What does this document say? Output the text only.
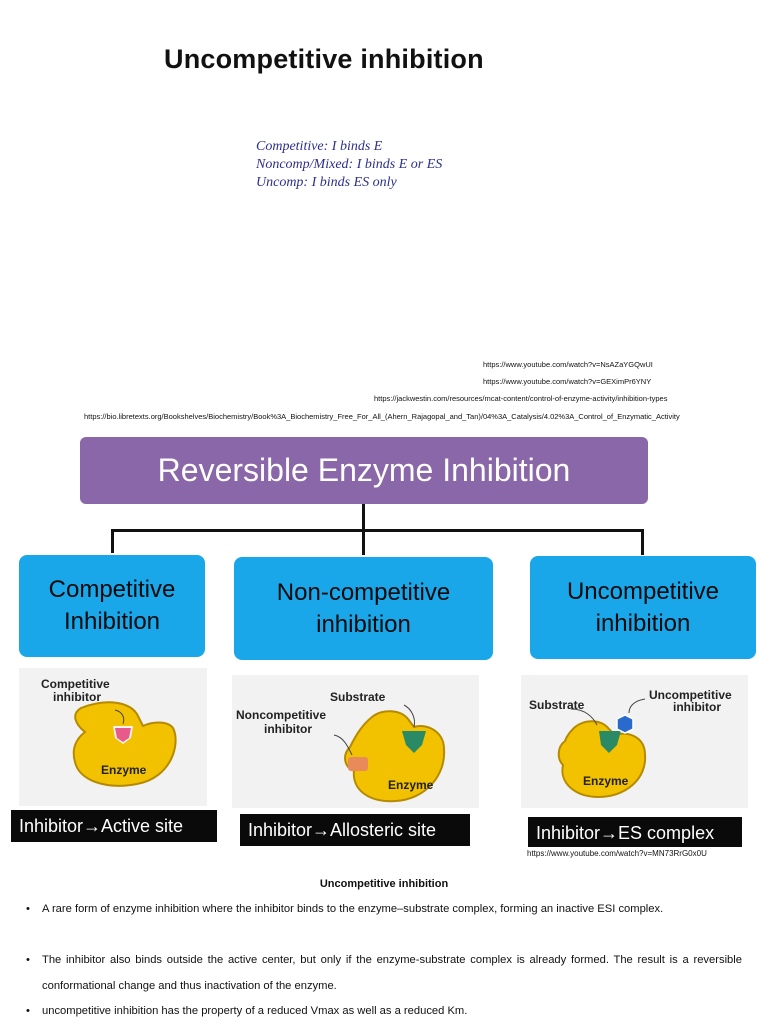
Uncompetitive inhibition
Competitive: I binds E
Noncomp/Mixed: I binds E or ES
Uncomp: I binds ES only
https://www.youtube.com/watch?v=NsAZaYGQwUI
https://www.youtube.com/watch?v=GEXimPr6YNY
https://jackwestin.com/resources/mcat-content/control-of-enzyme-activity/inhibition-types
https://bio.libretexts.org/Bookshelves/Biochemistry/Book%3A_Biochemistry_Free_For_All_(Ahern_Rajagopal_and_Tan)/04%3A_Catalysis/4.02%3A_Control_of_Enzymatic_Activity
Reversible Enzyme Inhibition
Competitive
Inhibition
Non-competitive
inhibition
Uncompetitive
inhibition
Competitive
inhibitor
Enzyme
Substrate
Noncompetitive
inhibitor
Enzyme
Substrate
Uncompetitive
inhibitor
Enzyme
Inhibitor→Active site	Inhibitor→Allosteric site	Inhibitor→ES complex
https://www.youtube.com/watch?v=MN73RrG0x0U
Uncompetitive inhibition
• A rare form of enzyme inhibition where the inhibitor binds to the enzyme–substrate complex, forming an inactive ESI complex.
• The inhibitor also binds outside the active center, but only if the enzyme-substrate complex is already formed. The result is a reversible conformational change and thus inactivation of the enzyme.
• uncompetitive inhibition has the property of a reduced Vmax as well as a reduced Km.
